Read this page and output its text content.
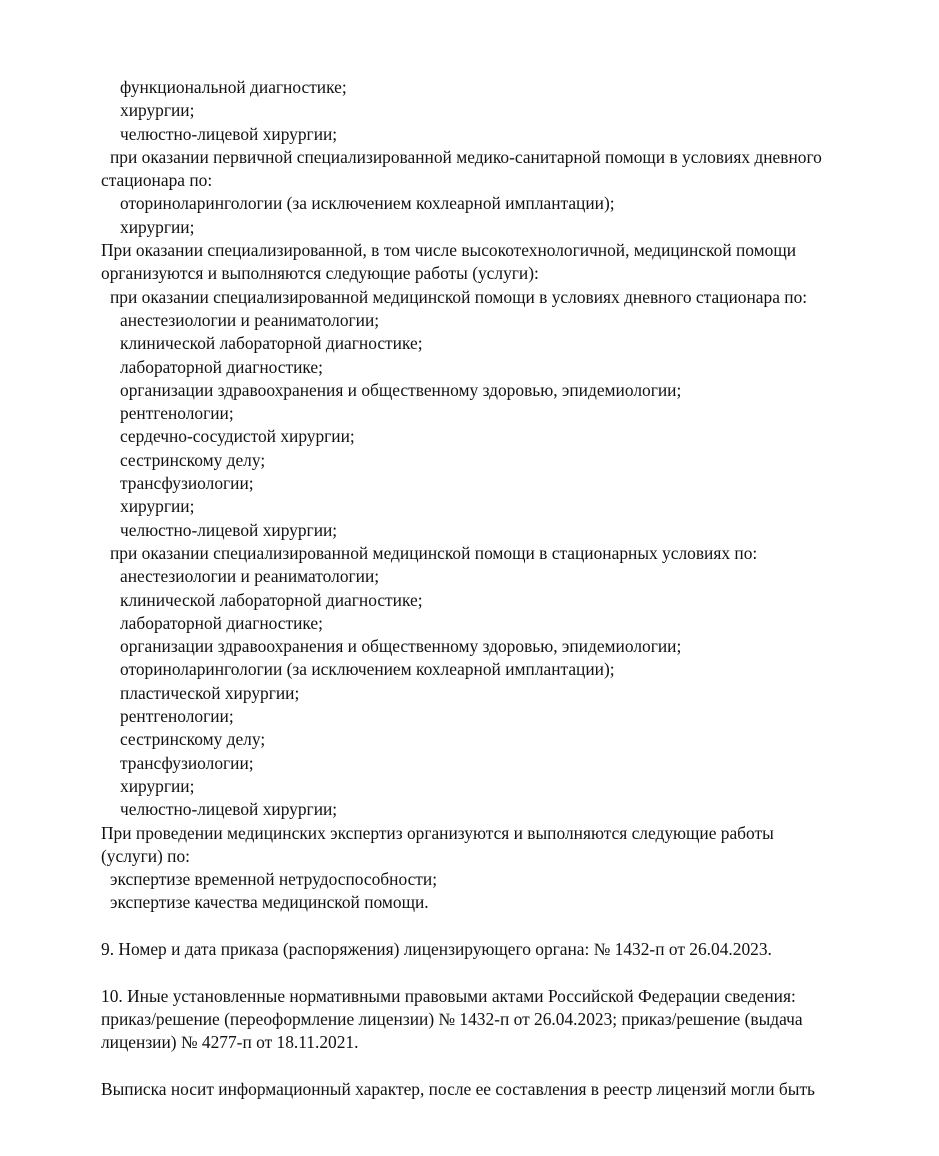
функциональной диагностике;
хирургии;
челюстно-лицевой хирургии;
при оказании первичной специализированной медико-санитарной помощи в условиях дневного
стационара по:
оториноларингологии (за исключением кохлеарной имплантации);
хирургии;
При оказании специализированной, в том числе высокотехнологичной, медицинской помощи
организуются и выполняются следующие работы (услуги):
при оказании специализированной медицинской помощи в условиях дневного стационара по:
анестезиологии и реаниматологии;
клинической лабораторной диагностике;
лабораторной диагностике;
организации здравоохранения и общественному здоровью, эпидемиологии;
рентгенологии;
сердечно-сосудистой хирургии;
сестринскому делу;
трансфузиологии;
хирургии;
челюстно-лицевой хирургии;
при оказании специализированной медицинской помощи в стационарных условиях по:
анестезиологии и реаниматологии;
клинической лабораторной диагностике;
лабораторной диагностике;
организации здравоохранения и общественному здоровью, эпидемиологии;
оториноларингологии (за исключением кохлеарной имплантации);
пластической хирургии;
рентгенологии;
сестринскому делу;
трансфузиологии;
хирургии;
челюстно-лицевой хирургии;
При проведении медицинских экспертиз организуются и выполняются следующие работы
(услуги) по:
экспертизе временной нетрудоспособности;
экспертизе качества медицинской помощи.
9. Номер и дата приказа (распоряжения) лицензирующего органа: № 1432-п от 26.04.2023.
10. Иные установленные нормативными правовыми актами Российской Федерации сведения:
приказ/решение (переоформление лицензии) № 1432-п от 26.04.2023; приказ/решение (выдача
лицензии) № 4277-п от 18.11.2021.
Выписка носит информационный характер, после ее составления в реестр лицензий могли быть
